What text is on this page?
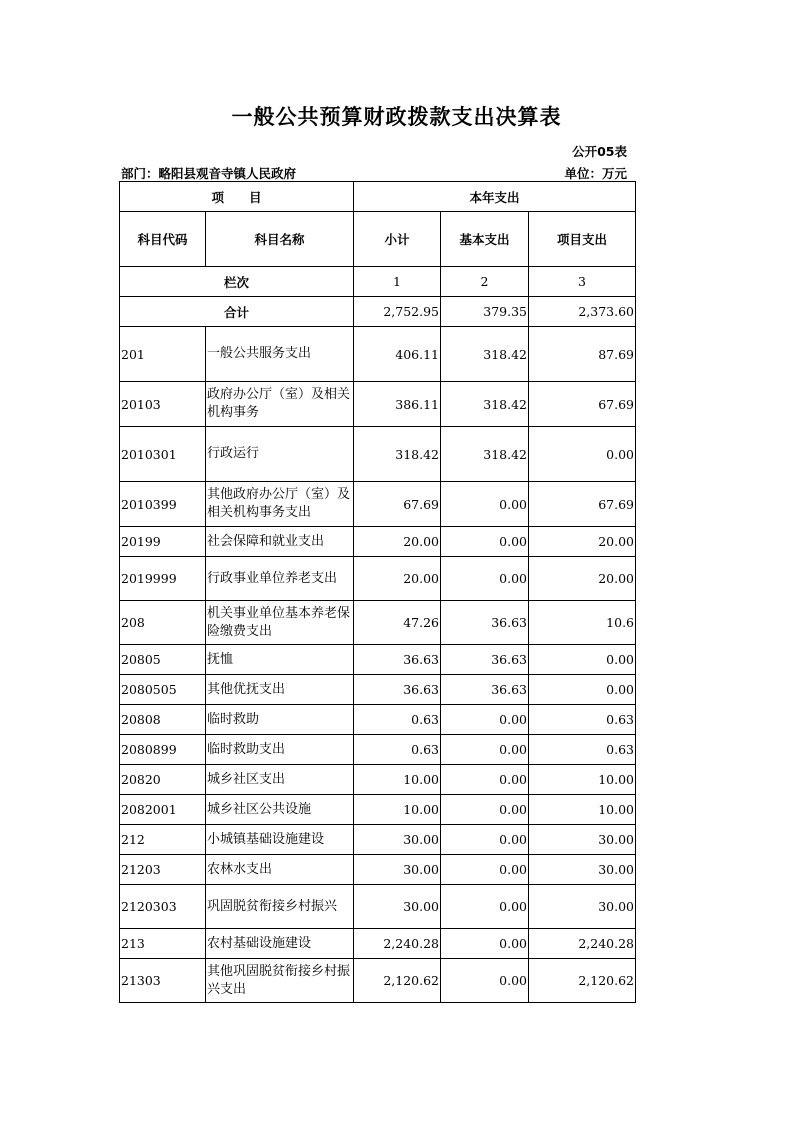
一般公共预算财政拨款支出决算表
公开05表
部门：略阳县观音寺镇人民政府	单位：万元
项　　目		本年支出		
科目代码	科目名称	小计	基本支出	项目支出
栏次		1	2	3
合计		2,752.95	379.35	2,373.60
201	一般公共服务支出	406.11	318.42	87.69
20103	政府办公厅（室）及相关机构事务	386.11	318.42	67.69
2010301	行政运行	318.42	318.42	0.00
2010399	其他政府办公厅（室）及相关机构事务支出	67.69	0.00	67.69
20199	社会保障和就业支出	20.00	0.00	20.00
2019999	行政事业单位养老支出	20.00	0.00	20.00
208	机关事业单位基本养老保险缴费支出	47.26	36.63	10.6
20805	抚恤	36.63	36.63	0.00
2080505	其他优抚支出	36.63	36.63	0.00
20808	临时救助	0.63	0.00	0.63
2080899	临时救助支出	0.63	0.00	0.63
20820	城乡社区支出	10.00	0.00	10.00
2082001	城乡社区公共设施	10.00	0.00	10.00
212	小城镇基础设施建设	30.00	0.00	30.00
21203	农林水支出	30.00	0.00	30.00
2120303	巩固脱贫衔接乡村振兴	30.00	0.00	30.00
213	农村基础设施建设	2,240.28	0.00	2,240.28
21303	其他巩固脱贫衔接乡村振兴支出	2,120.62	0.00	2,120.62
